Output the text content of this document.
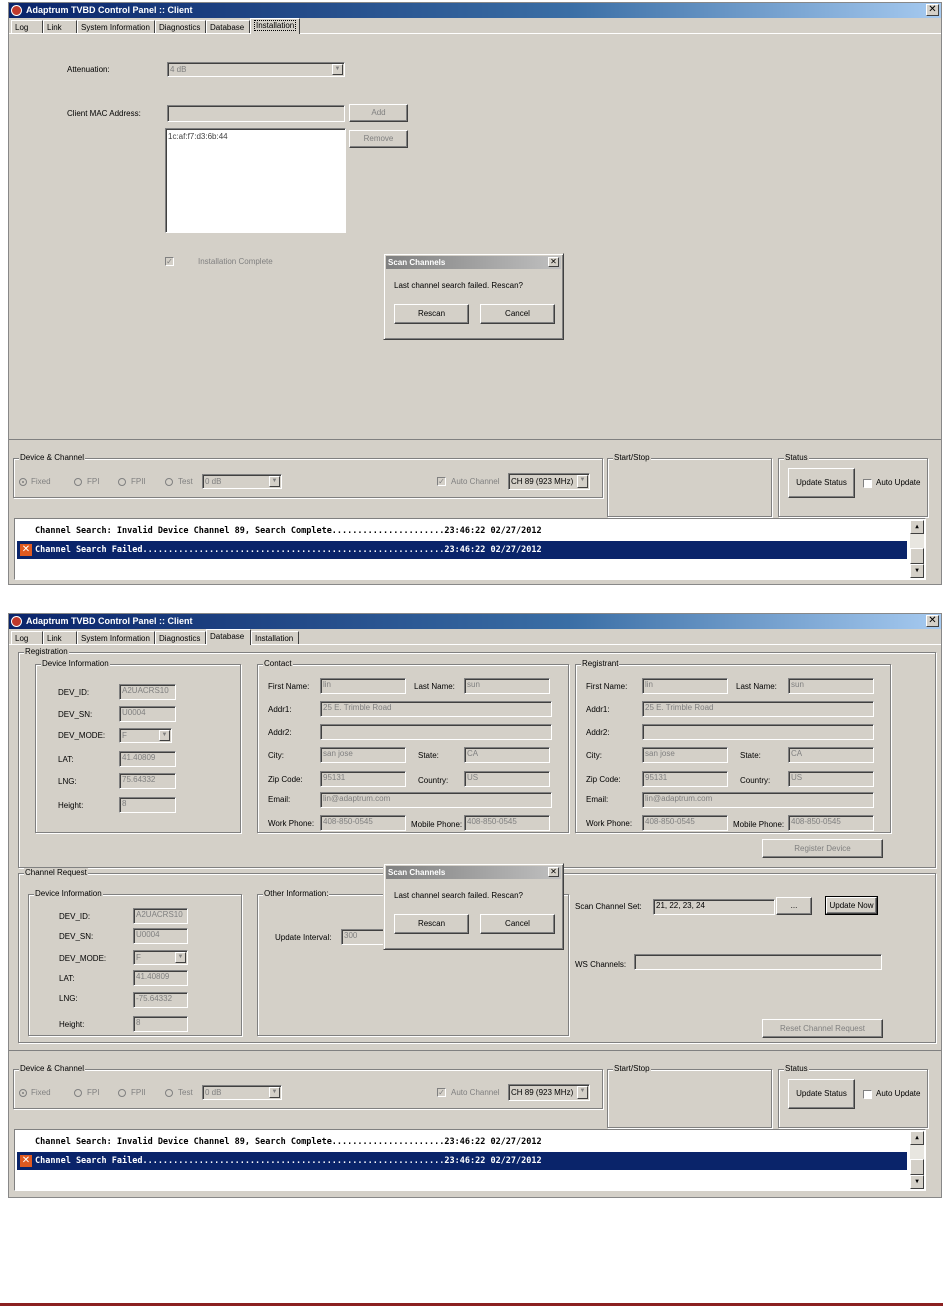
Adaptrum TVBD Control Panel :: Client	✕
Log	Link	System Information	Diagnostics	Database	Installation
Attenuation:	4 dB	▼
Client MAC Address:	Add
Remove
1c:af:f7:d3:6b:44
✓	Installation Complete
Device & Channel
Fixed	FPI	FPII	Test	0 dB	▼	✓ Auto Channel	CH 89 (923 MHz)	▼
Start/Stop	Status
Update Status	Auto Update
Channel Search: Invalid Device Channel 89, Search Complete......................23:46:22 02/27/2012
✕ Channel Search Failed...........................................................23:46:22 02/27/2012
▲
▼
Scan Channels	✕
Last channel search failed. Rescan?
Rescan	Cancel
Adaptrum TVBD Control Panel :: Client	✕
Log	Link	System Information	Diagnostics	Database	Installation
Registration
Device Information
DEV_ID:	A2UACRS10
DEV_SN:	U0004
DEV_MODE:	F	▼
LAT:	41.40809
LNG:	75.64332
Height:	8
Contact
First Name:	lin	Last Name:	sun
Addr1:	25 E. Trimble Road
Addr2:
City:	san jose	State:	CA
Zip Code:	95131	Country:	US
Email:	lin@adaptrum.com
Work Phone:	408-850-0545	Mobile Phone: 408-850-0545
Registrant
First Name:	lin	Last Name:	sun
Addr1:	25 E. Trimble Road
Addr2:
City:	san jose	State:	CA
Zip Code:	95131	Country:	US
Email:	lin@adaptrum.com
Work Phone:	408-850-0545	Mobile Phone: 408-850-0545
Register Device
Channel Request
Device Information
DEV_ID:	A2UACRS10
DEV_SN:	U0004
DEV_MODE:	F	▼
LAT:	41.40809
LNG:	-75.64332
Height:	8
Other Information:
Update Interval:	300
Scan Channel Set:	21, 22, 23, 24	...	Update Now
WS Channels:
Reset Channel Request
Device & Channel
Fixed	FPI	FPII	Test	0 dB	▼	✓ Auto Channel	CH 89 (923 MHz)	▼
Start/Stop	Status
Update Status	Auto Update
Channel Search: Invalid Device Channel 89, Search Complete......................23:46:22 02/27/2012
✕ Channel Search Failed...........................................................23:46:22 02/27/2012
▲
▼
Scan Channels	✕
Last channel search failed. Rescan?
Rescan	Cancel
